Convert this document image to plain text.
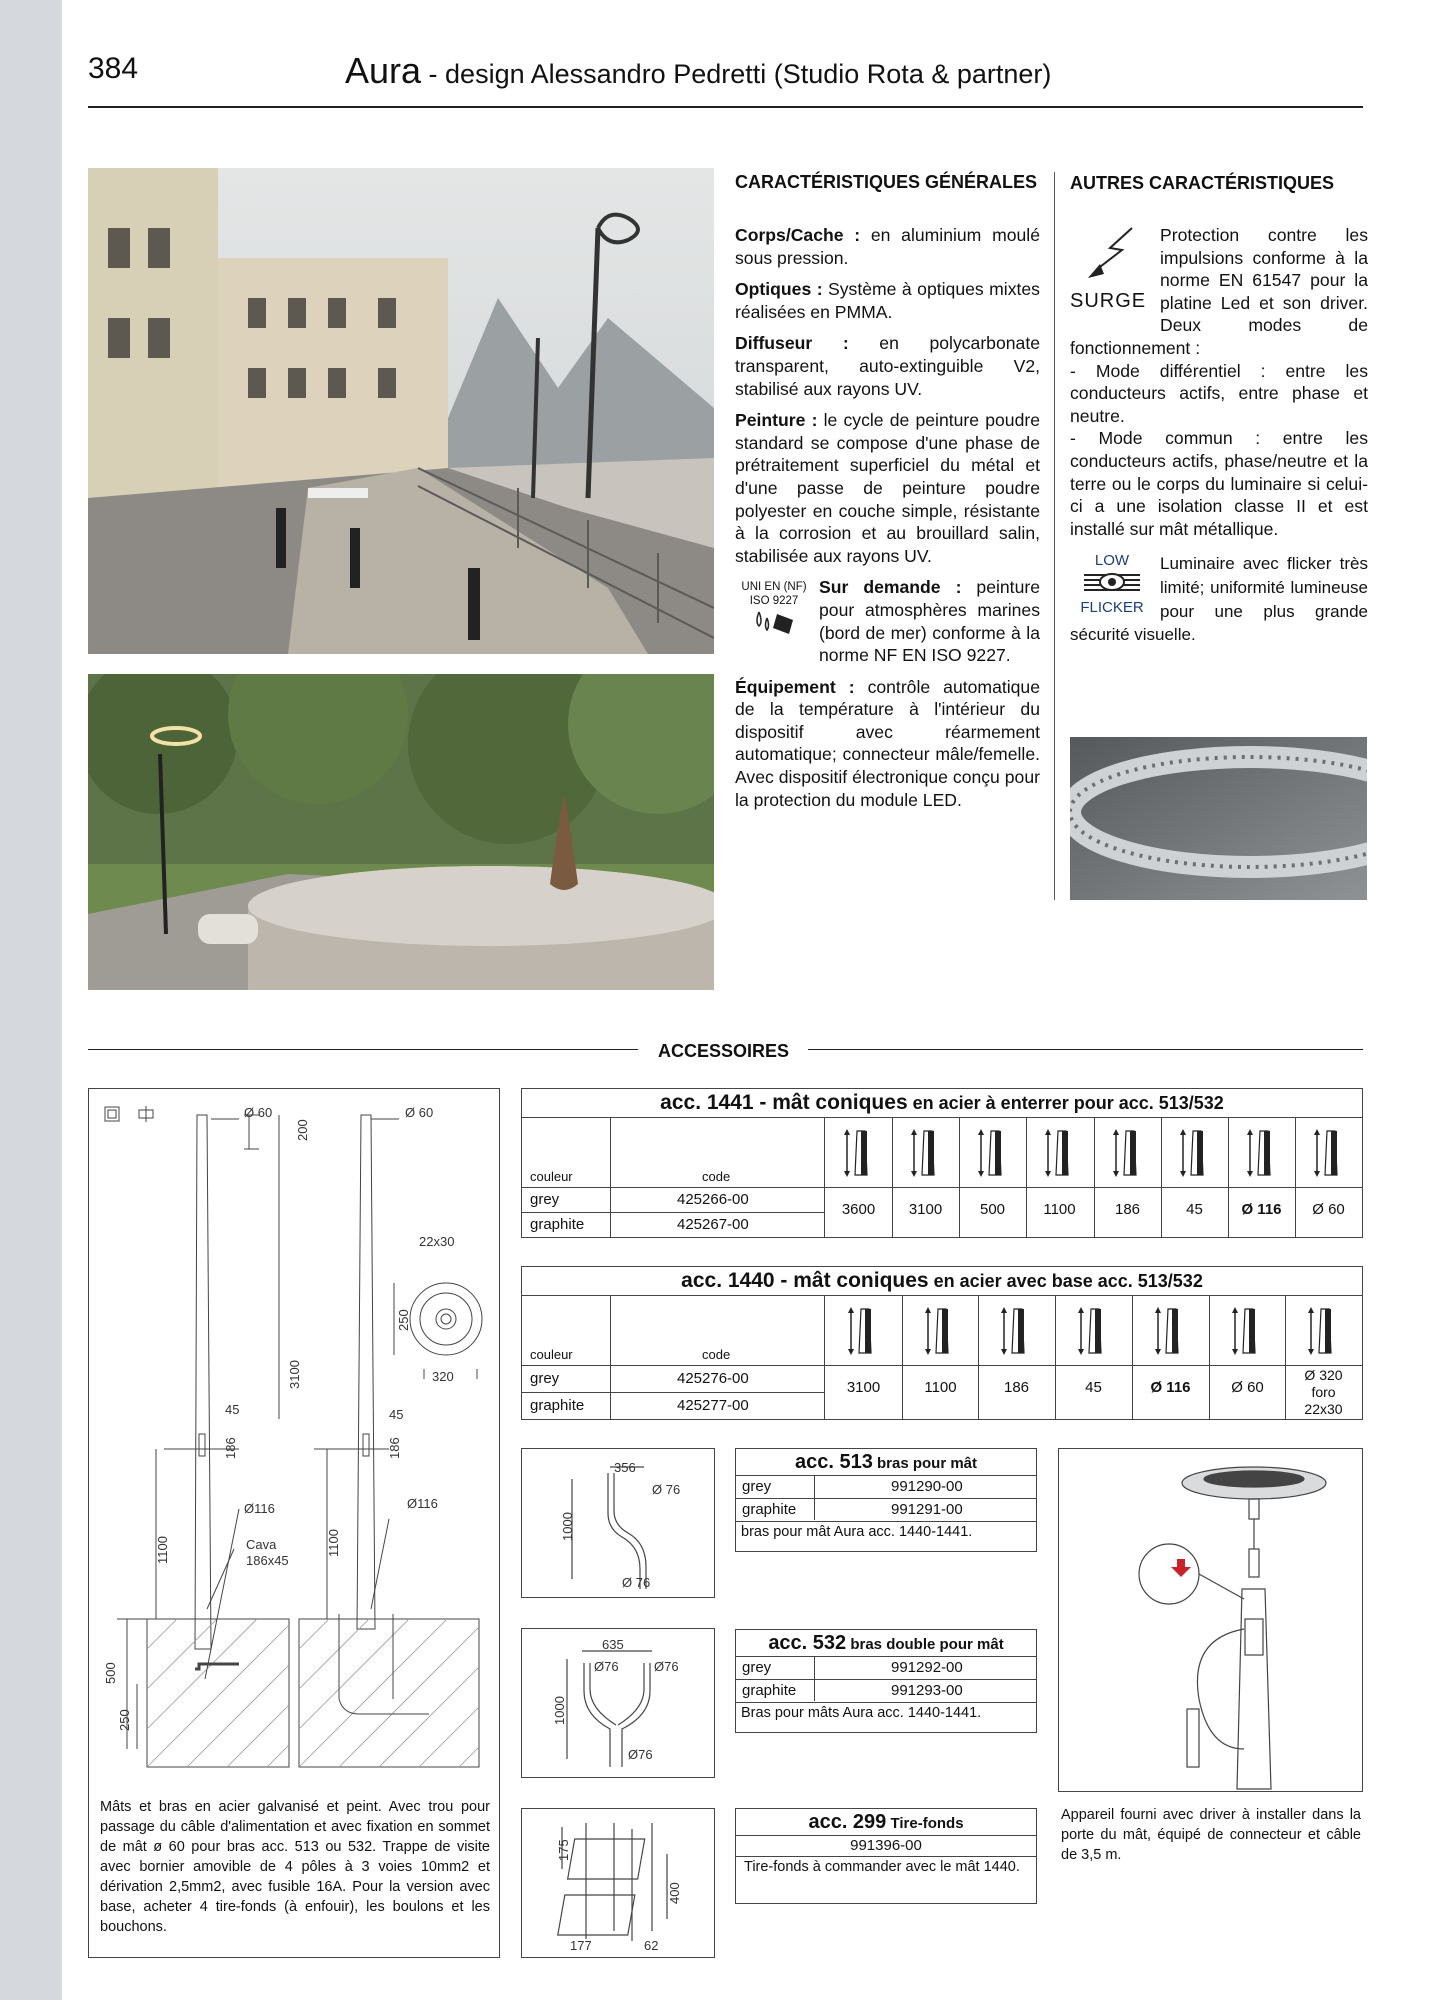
384	Aura - design Alessandro Pedretti (Studio Rota & partner)
CARACTÉRISTIQUES GÉNÉRALES

Corps/Cache : en aluminium moulé sous pression.

Optiques : Système à optiques mixtes réalisées en PMMA.

Diffuseur : en polycarbonate transparent, auto-extinguible V2, stabilisé aux rayons UV.

Peinture : le cycle de peinture poudre standard se compose d'une phase de prétraitement superficiel du métal et d'une passe de peinture poudre polyester en couche simple, résistante à la corrosion et au brouillard salin, stabilisée aux rayons UV.

UNI EN (NF)
ISO 9227

Sur demande : peinture pour atmosphères marines (bord de mer) conforme à la norme NF EN ISO 9227.

Équipement : contrôle automatique de la température à l'intérieur du dispositif avec réarmement automatique; connecteur mâle/femelle. Avec dispositif électronique conçu pour la protection du module LED.

AUTRES CARACTÉRISTIQUES
SURGE
Protection contre les impulsions conforme à la norme EN 61547 pour la platine Led et son driver. Deux modes de fonctionnement :
- Mode différentiel : entre les conducteurs actifs, entre phase et neutre.
- Mode commun : entre les conducteurs actifs, phase/neutre et la terre ou le corps du luminaire si celui-ci a une isolation classe II et est installé sur mât métallique.
LOW
FLICKER
Luminaire avec flicker très limité; uniformité lumineuse pour une plus grande sécurité visuelle.
ACCESSOIRES
Ø 60	Ø 60
200
3100
45	45
186	186
Ø116	Ø116
Cava
186x45
1100	1100
500
250
22x30
250
320
Mâts et bras en acier galvanisé et peint. Avec trou pour passage du câble d'alimentation et avec fixation en sommet de mât ø 60 pour bras acc. 513 ou 532. Trappe de visite avec bornier amovible de 4 pôles à 3 voies 10mm2 et dérivation 2,5mm2, avec fusible 16A. Pour la version avec base, acheter 4 tire-fonds (à enfouir), les boulons et les bouchons.
acc. 1441 - mât coniques en acier à enterrer pour acc. 513/532
couleur	code
grey	425266-00
graphite	425267-00
3600	3100	500	1100	186	45	Ø 116	Ø 60
acc. 1440 - mât coniques en acier avec base acc. 513/532
couleur	code
grey	425276-00
graphite	425277-00
3100	1100	186	45	Ø 116	Ø 60
Ø 320
foro
22x30
356
Ø 76
1000
Ø 76
acc. 513 bras pour mât
grey	991290-00
graphite	991291-00
bras pour mât Aura acc. 1440-1441.
635
Ø76	Ø76
1000
Ø76
acc. 532 bras double pour mât
grey	991292-00
graphite	991293-00
Bras pour mâts Aura acc. 1440-1441.
175
400
177	62
acc. 299 Tire-fonds
991396-00
Tire-fonds à commander avec le mât 1440.
Appareil fourni avec driver à installer dans la porte du mât, équipé de connecteur et câble de 3,5 m.
